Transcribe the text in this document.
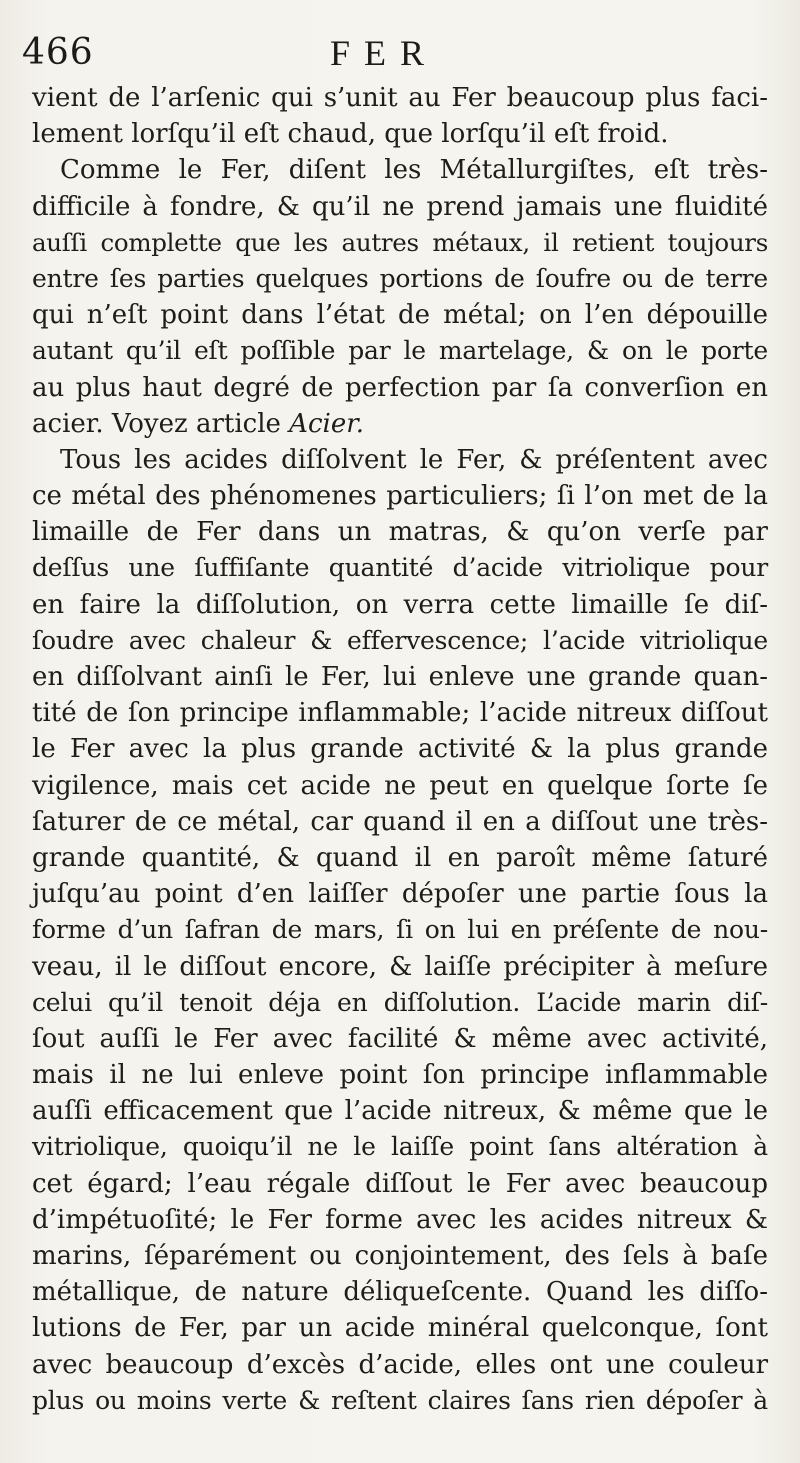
466	FER
vient de l’arſenic qui s’unit au Fer beaucoup plus faci-
lement lorſqu’il eſt chaud, que lorſqu’il eſt froid.
Comme le Fer, diſent les Métallurgiſtes, eſt très-
difficile à fondre, & qu’il ne prend jamais une fluidité
auſſi complette que les autres métaux, il retient toujours
entre ſes parties quelques portions de ſoufre ou de terre
qui n’eſt point dans l’état de métal; on l’en dépouille
autant qu’il eſt poſſible par le martelage, & on le porte
au plus haut degré de perfection par ſa converſion en
acier. Voyez article Acier.
Tous les acides diſſolvent le Fer, & préſentent avec
ce métal des phénomenes particuliers; ſi l’on met de la
limaille de Fer dans un matras, & qu’on verſe par
deſſus une ſuffiſante quantité d’acide vitriolique pour
en faire la diſſolution, on verra cette limaille ſe diſ-
ſoudre avec chaleur & effervescence; l’acide vitriolique
en diſſolvant ainſi le Fer, lui enleve une grande quan-
tité de ſon principe inflammable; l’acide nitreux diſſout
le Fer avec la plus grande activité & la plus grande
vigilence, mais cet acide ne peut en quelque ſorte ſe
ſaturer de ce métal, car quand il en a diſſout une très-
grande quantité, & quand il en paroît même ſaturé
juſqu’au point d’en laiſſer dépoſer une partie ſous la
forme d’un ſafran de mars, ſi on lui en préſente de nou-
veau, il le diſſout encore, & laiſſe précipiter à meſure
celui qu’il tenoit déja en diſſolution. L’acide marin diſ-
ſout auſſi le Fer avec facilité & même avec activité,
mais il ne lui enleve point ſon principe inflammable
auſſi efficacement que l’acide nitreux, & même que le
vitriolique, quoiqu’il ne le laiſſe point ſans altération à
cet égard; l’eau régale diſſout le Fer avec beaucoup
d’impétuoſité; le Fer forme avec les acides nitreux &
marins, ſéparément ou conjointement, des ſels à baſe
métallique, de nature déliqueſcente. Quand les diſſo-
lutions de Fer, par un acide minéral quelconque, ſont
avec beaucoup d’excès d’acide, elles ont une couleur
plus ou moins verte & reſtent claires ſans rien dépoſer à
